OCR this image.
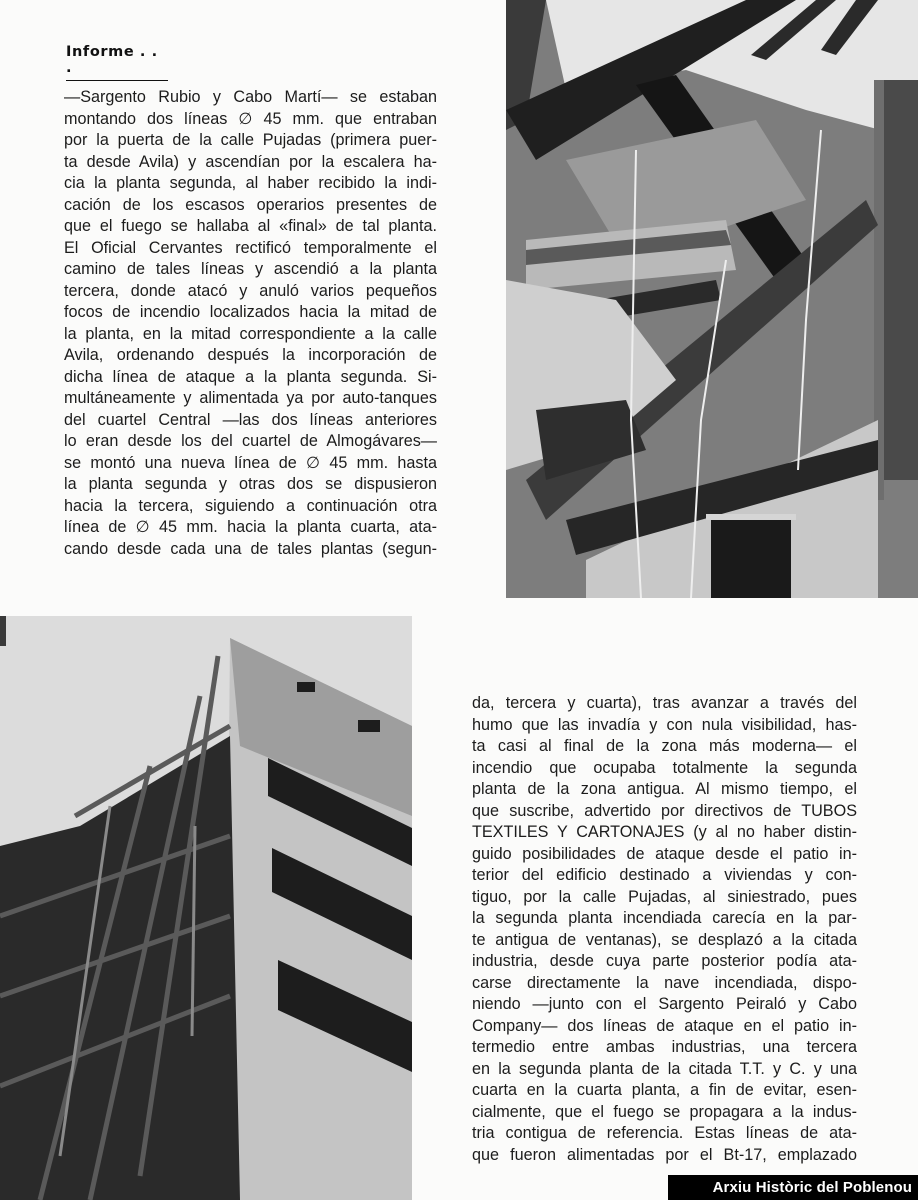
Informe . . .
—Sargento Rubio y Cabo Martí— se estaban
montando dos líneas ∅ 45 mm. que entraban
por la puerta de la calle Pujadas (primera puer-
ta desde Avila) y ascendían por la escalera ha-
cia la planta segunda, al haber recibido la indi-
cación de los escasos operarios presentes de
que el fuego se hallaba al «final» de tal planta.
El Oficial Cervantes rectificó temporalmente el
camino de tales líneas y ascendió a la planta
tercera, donde atacó y anuló varios pequeños
focos de incendio localizados hacia la mitad de
la planta, en la mitad correspondiente a la calle
Avila, ordenando después la incorporación de
dicha línea de ataque a la planta segunda. Si-
multáneamente y alimentada ya por auto-tanques
del cuartel Central —las dos líneas anteriores
lo eran desde los del cuartel de Almogávares—
se montó una nueva línea de ∅ 45 mm. hasta
la planta segunda y otras dos se dispusieron
hacia la tercera, siguiendo a continuación otra
línea de ∅ 45 mm. hacia la planta cuarta, ata-
cando desde cada una de tales plantas (segun-
da, tercera y cuarta), tras avanzar a través del
humo que las invadía y con nula visibilidad, has-
ta casi al final de la zona más moderna— el
incendio que ocupaba totalmente la segunda
planta de la zona antigua. Al mismo tiempo, el
que suscribe, advertido por directivos de TUBOS
TEXTILES Y CARTONAJES (y al no haber distin-
guido posibilidades de ataque desde el patio in-
terior del edificio destinado a viviendas y con-
tiguo, por la calle Pujadas, al siniestrado, pues
la segunda planta incendiada carecía en la par-
te antigua de ventanas), se desplazó a la citada
industria, desde cuya parte posterior podía ata-
carse directamente la nave incendiada, dispo-
niendo —junto con el Sargento Peiraló y Cabo
Company— dos líneas de ataque en el patio in-
termedio entre ambas industrias, una tercera
en la segunda planta de la citada T.T. y C. y una
cuarta en la cuarta planta, a fin de evitar, esen-
cialmente, que el fuego se propagara a la indus-
tria contigua de referencia. Estas líneas de ata-
que fueron alimentadas por el Bt-17, emplazado
Arxiu Històric del Poblenou
